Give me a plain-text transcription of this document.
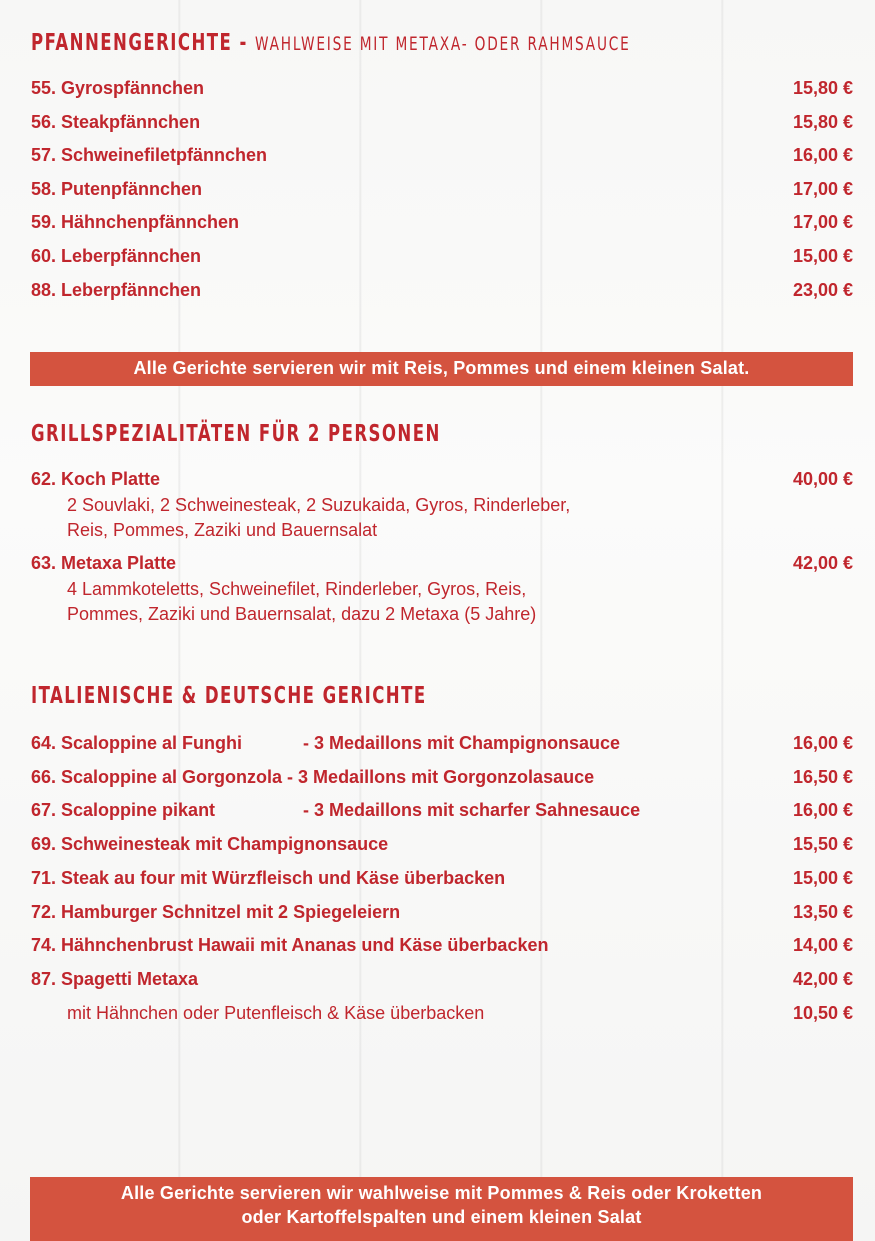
PFANNENGERICHTE - WAHLWEISE MIT METAXA- ODER RAHMSAUCE
55. Gyrospfännchen	15,80 €
56. Steakpfännchen	15,80 €
57. Schweinefiletpfännchen	16,00 €
58. Putenpfännchen	17,00 €
59. Hähnchenpfännchen	17,00 €
60. Leberpfännchen	15,00 €
88. Leberpfännchen	23,00 €
Alle Gerichte servieren wir mit Reis, Pommes und einem kleinen Salat.
GRILLSPEZIALITÄTEN FÜR 2 PERSONEN
62. Koch Platte	40,00 €
2 Souvlaki, 2 Schweinesteak, 2 Suzukaida, Gyros, Rinderleber,
Reis, Pommes, Zaziki und Bauernsalat
63. Metaxa Platte	42,00 €
4 Lammkoteletts, Schweinefilet, Rinderleber, Gyros, Reis,
Pommes, Zaziki und Bauernsalat, dazu 2 Metaxa (5 Jahre)
ITALIENISCHE & DEUTSCHE GERICHTE
64. Scaloppine al Funghi	- 3 Medaillons mit Champignonsauce	16,00 €
66. Scaloppine al Gorgonzola - 3 Medaillons mit Gorgonzolasauce	16,50 €
67. Scaloppine pikant	- 3 Medaillons mit scharfer Sahnesauce	16,00 €
69. Schweinesteak mit Champignonsauce	15,50 €
71. Steak au four mit Würzfleisch und Käse überbacken	15,00 €
72. Hamburger Schnitzel mit 2 Spiegeleiern	13,50 €
74. Hähnchenbrust Hawaii mit Ananas und Käse überbacken	14,00 €
87. Spagetti Metaxa	42,00 €
mit Hähnchen oder Putenfleisch & Käse überbacken	10,50 €
Alle Gerichte servieren wir wahlweise mit Pommes & Reis oder Kroketten
oder Kartoffelspalten und einem kleinen Salat
